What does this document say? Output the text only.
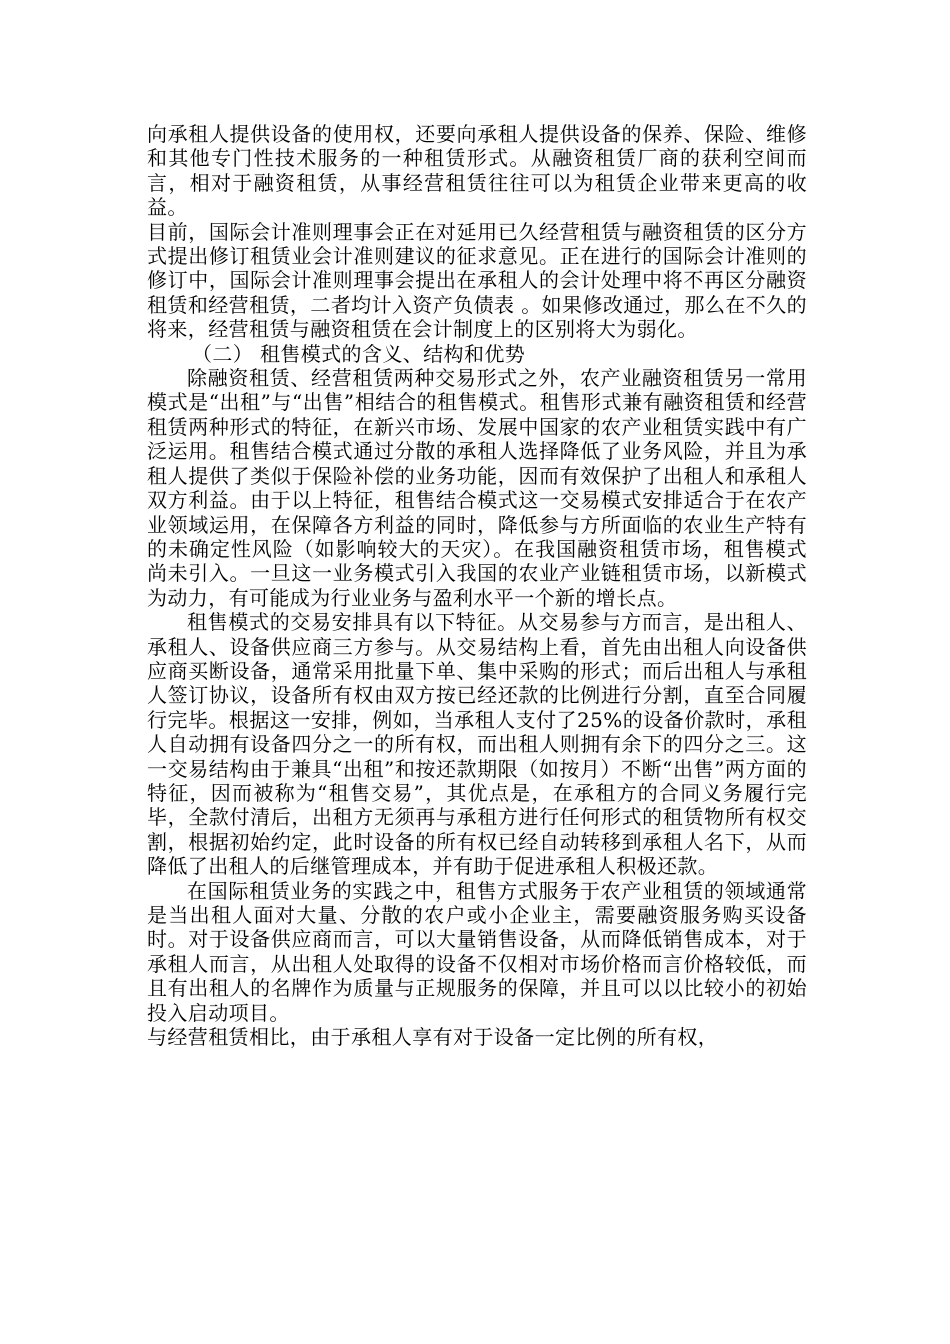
向承租人提供设备的使用权，还要向承租人提供设备的保养、保险、维修和其他专门性技术服务的一种租赁形式。从融资租赁厂商的获利空间而言，相对于融资租赁，从事经营租赁往往可以为租赁企业带来更高的收益。

目前，国际会计准则理事会正在对延用已久经营租赁与融资租赁的区分方式提出修订租赁业会计准则建议的征求意见。正在进行的国际会计准则的修订中，国际会计准则理事会提出在承租人的会计处理中将不再区分融资租赁和经营租赁，二者均计入资产负债表 。如果修改通过，那么在不久的将来，经营租赁与融资租赁在会计制度上的区别将大为弱化。

（二） 租售模式的含义、结构和优势

除融资租赁、经营租赁两种交易形式之外，农产业融资租赁另一常用模式是“出租”与“出售”相结合的租售模式。租售形式兼有融资租赁和经营租赁两种形式的特征，在新兴市场、发展中国家的农产业租赁实践中有广泛运用。租售结合模式通过分散的承租人选择降低了业务风险，并且为承租人提供了类似于保险补偿的业务功能，因而有效保护了出租人和承租人双方利益。由于以上特征，租售结合模式这一交易模式安排适合于在农产业领域运用，在保障各方利益的同时，降低参与方所面临的农业生产特有的未确定性风险（如影响较大的天灾）。在我国融资租赁市场，租售模式尚未引入。一旦这一业务模式引入我国的农业产业链租赁市场，以新模式为动力，有可能成为行业业务与盈利水平一个新的增长点。

租售模式的交易安排具有以下特征。从交易参与方而言，是出租人、承租人、设备供应商三方参与。从交易结构上看，首先由出租人向设备供应商买断设备，通常采用批量下单、集中采购的形式；而后出租人与承租人签订协议，设备所有权由双方按已经还款的比例进行分割，直至合同履行完毕。根据这一安排，例如，当承租人支付了25%的设备价款时，承租人自动拥有设备四分之一的所有权，而出租人则拥有余下的四分之三。这一交易结构由于兼具“出租”和按还款期限（如按月）不断“出售”两方面的特征，因而被称为“租售交易”，其优点是，在承租方的合同义务履行完毕，全款付清后，出租方无须再与承租方进行任何形式的租赁物所有权交割，根据初始约定，此时设备的所有权已经自动转移到承租人名下，从而降低了出租人的后继管理成本，并有助于促进承租人积极还款。

在国际租赁业务的实践之中，租售方式服务于农产业租赁的领域通常是当出租人面对大量、分散的农户或小企业主，需要融资服务购买设备时。对于设备供应商而言，可以大量销售设备，从而降低销售成本，对于承租人而言，从出租人处取得的设备不仅相对市场价格而言价格较低，而且有出租人的名牌作为质量与正规服务的保障，并且可以以比较小的初始投入启动项目。

与经营租赁相比，由于承租人享有对于设备一定比例的所有权，
